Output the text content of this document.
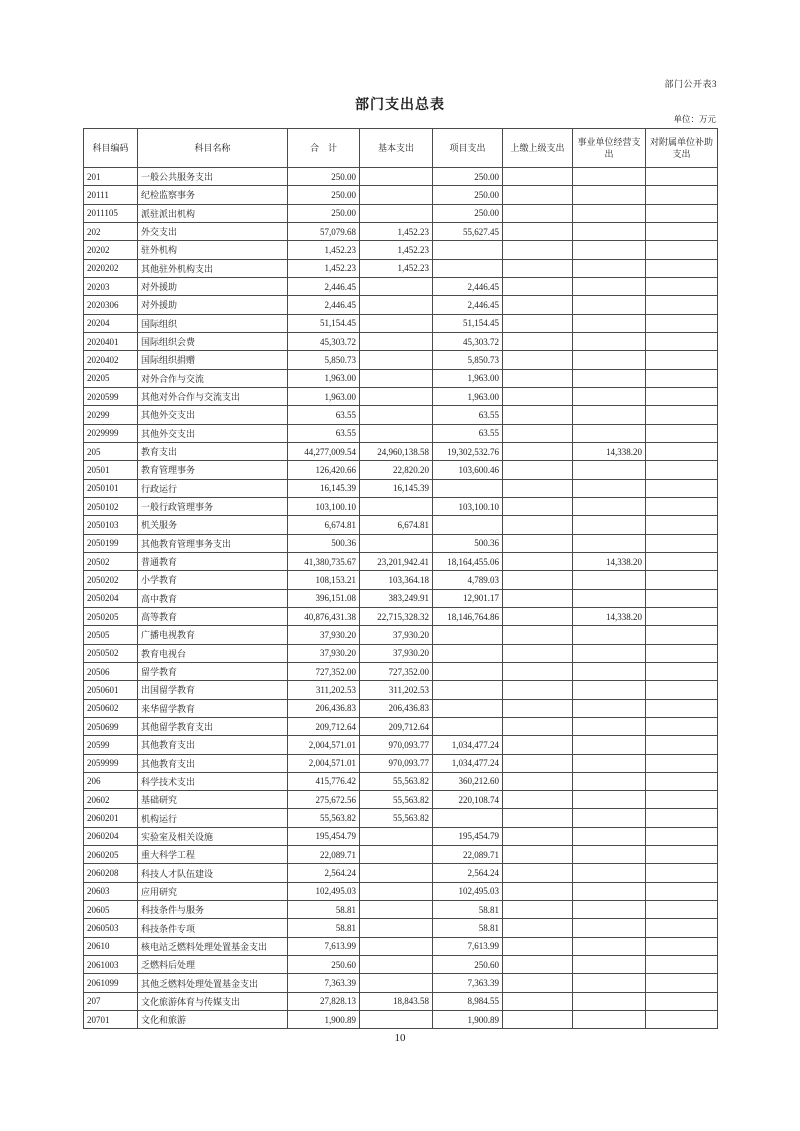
部门公开表3
部门支出总表
单位：万元
科目编码	科目名称	合　计	基本支出	项目支出	上缴上级支出	事业单位经营支出	对附属单位补助支出
201	一般公共服务支出	250.00		250.00			
20111	纪检监察事务	250.00		250.00			
2011105	派驻派出机构	250.00		250.00			
202	外交支出	57,079.68	1,452.23	55,627.45			
20202	驻外机构	1,452.23	1,452.23				
2020202	其他驻外机构支出	1,452.23	1,452.23				
20203	对外援助	2,446.45		2,446.45			
2020306	对外援助	2,446.45		2,446.45			
20204	国际组织	51,154.45		51,154.45			
2020401	国际组织会费	45,303.72		45,303.72			
2020402	国际组织捐赠	5,850.73		5,850.73			
20205	对外合作与交流	1,963.00		1,963.00			
2020599	其他对外合作与交流支出	1,963.00		1,963.00			
20299	其他外交支出	63.55		63.55			
2029999	其他外交支出	63.55		63.55			
205	教育支出	44,277,009.54	24,960,138.58	19,302,532.76		14,338.20	
20501	教育管理事务	126,420.66	22,820.20	103,600.46			
2050101	行政运行	16,145.39	16,145.39				
2050102	一般行政管理事务	103,100.10		103,100.10			
2050103	机关服务	6,674.81	6,674.81				
2050199	其他教育管理事务支出	500.36		500.36			
20502	普通教育	41,380,735.67	23,201,942.41	18,164,455.06		14,338.20	
2050202	小学教育	108,153.21	103,364.18	4,789.03			
2050204	高中教育	396,151.08	383,249.91	12,901.17			
2050205	高等教育	40,876,431.38	22,715,328.32	18,146,764.86		14,338.20	
20505	广播电视教育	37,930.20	37,930.20				
2050502	教育电视台	37,930.20	37,930.20				
20506	留学教育	727,352.00	727,352.00				
2050601	出国留学教育	311,202.53	311,202.53				
2050602	来华留学教育	206,436.83	206,436.83				
2050699	其他留学教育支出	209,712.64	209,712.64				
20599	其他教育支出	2,004,571.01	970,093.77	1,034,477.24			
2059999	其他教育支出	2,004,571.01	970,093.77	1,034,477.24			
206	科学技术支出	415,776.42	55,563.82	360,212.60			
20602	基础研究	275,672.56	55,563.82	220,108.74			
2060201	机构运行	55,563.82	55,563.82				
2060204	实验室及相关设施	195,454.79		195,454.79			
2060205	重大科学工程	22,089.71		22,089.71			
2060208	科技人才队伍建设	2,564.24		2,564.24			
20603	应用研究	102,495.03		102,495.03			
20605	科技条件与服务	58.81		58.81			
2060503	科技条件专项	58.81		58.81			
20610	核电站乏燃料处理处置基金支出	7,613.99		7,613.99			
2061003	乏燃料后处理	250.60		250.60			
2061099	其他乏燃料处理处置基金支出	7,363.39		7,363.39			
207	文化旅游体育与传媒支出	27,828.13	18,843.58	8,984.55			
20701	文化和旅游	1,900.89		1,900.89			
10
